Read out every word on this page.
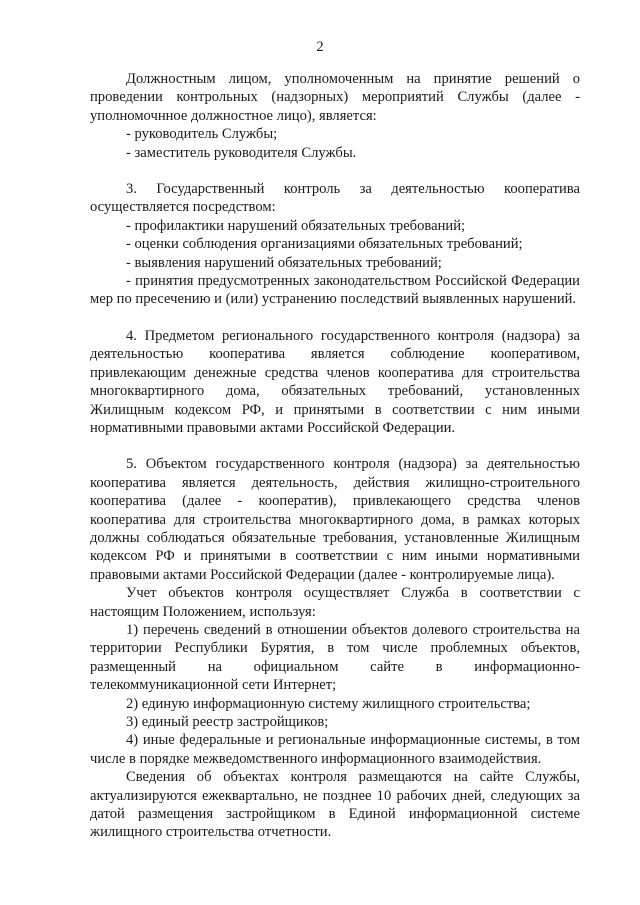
2

Должностным лицом, уполномоченным на принятие решений о проведении контрольных (надзорных) мероприятий Службы (далее - уполномочнное должностное лицо), является:

- руководитель Службы;

- заместитель руководителя Службы.

3. Государственный контроль за деятельностью кооператива осуществляется посредством:

- профилактики нарушений обязательных требований;

- оценки соблюдения организациями обязательных требований;

- выявления нарушений обязательных требований;

- принятия предусмотренных законодательством Российской Федерации мер по пресечению и (или) устранению последствий выявленных нарушений.

4. Предметом регионального государственного контроля (надзора) за деятельностью кооператива является соблюдение кооперативом, привлекающим денежные средства членов кооператива для строительства многоквартирного дома, обязательных требований, установленных Жилищным кодексом РФ, и принятыми в соответствии с ним иными нормативными правовыми актами Российской Федерации.

5. Объектом государственного контроля (надзора) за деятельностью кооператива является деятельность, действия жилищно-строительного кооператива (далее - кооператив), привлекающего средства членов кооператива для строительства многоквартирного дома, в рамках которых должны соблюдаться обязательные требования, установленные Жилищным кодексом РФ и принятыми в соответствии с ним иными нормативными правовыми актами Российской Федерации (далее - контролируемые лица).

Учет объектов контроля осуществляет Служба в соответствии с настоящим Положением, используя:

1) перечень сведений в отношении объектов долевого строительства на территории Республики Бурятия, в том числе проблемных объектов, размещенный на официальном сайте в информационно-телекоммуникационной сети Интернет;

2) единую информационную систему жилищного строительства;

3) единый реестр застройщиков;

4) иные федеральные и региональные информационные системы, в том числе в порядке межведомственного информационного взаимодействия.

Сведения об объектах контроля размещаются на сайте Службы, актуализируются ежеквартально, не позднее 10 рабочих дней, следующих за датой размещения застройщиком в Единой информационной системе жилищного строительства отчетности.
